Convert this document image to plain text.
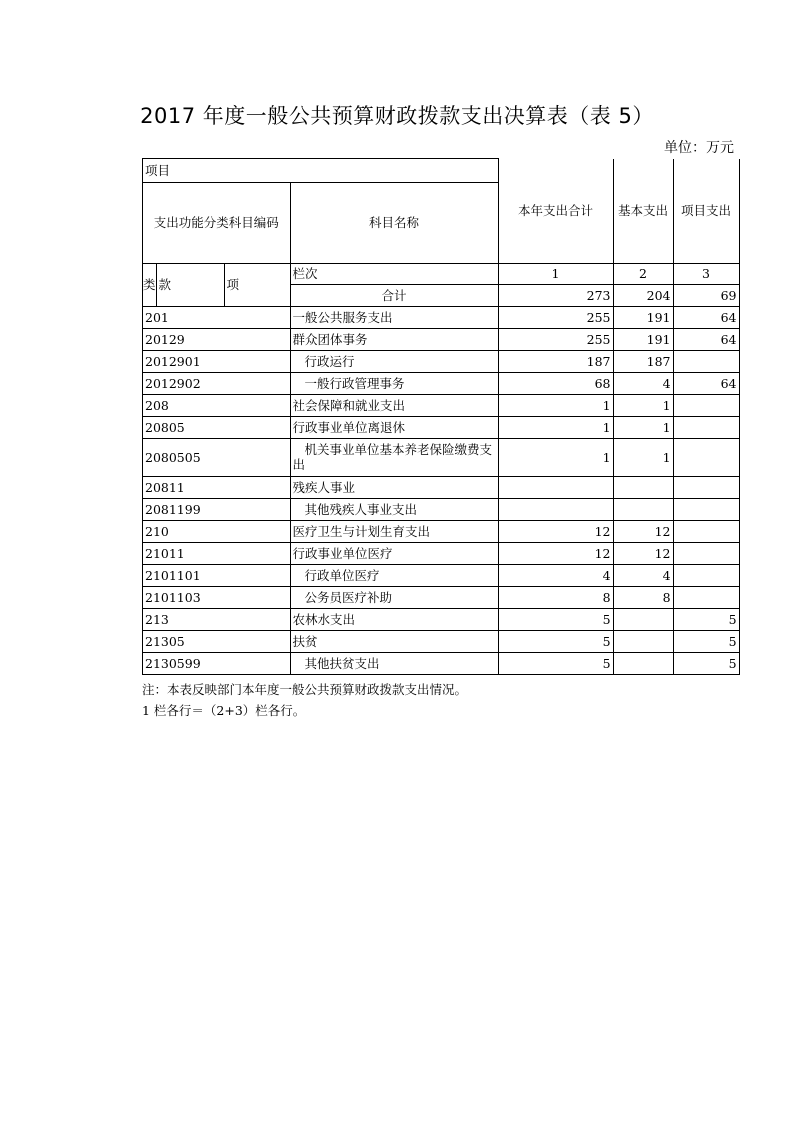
2017 年度一般公共预算财政拨款支出决算表（表 5）
单位：万元
项目				本年支出合计	基本支出	项目支出
支出功能分类科目编码			科目名称			

类	款	项	栏次	1	2	3
			合计	273	204	69
201			一般公共服务支出	255	191	64
20129			群众团体事务	255	191	64
2012901			行政运行	187	187	
2012902			一般行政管理事务	68	4	64
208			社会保障和就业支出	1	1	
20805			行政事业单位离退休	1	1	
2080505			机关事业单位基本养老保险缴费支出	1	1	
20811			残疾人事业			
2081199			其他残疾人事业支出			
210			医疗卫生与计划生育支出	12	12	
21011			行政事业单位医疗	12	12	
2101101			行政单位医疗	4	4	
2101103			公务员医疗补助	8	8	
213			农林水支出	5		5
21305			扶贫	5		5
2130599			其他扶贫支出	5		5
注：本表反映部门本年度一般公共预算财政拨款支出情况。
1 栏各行＝（2+3）栏各行。
